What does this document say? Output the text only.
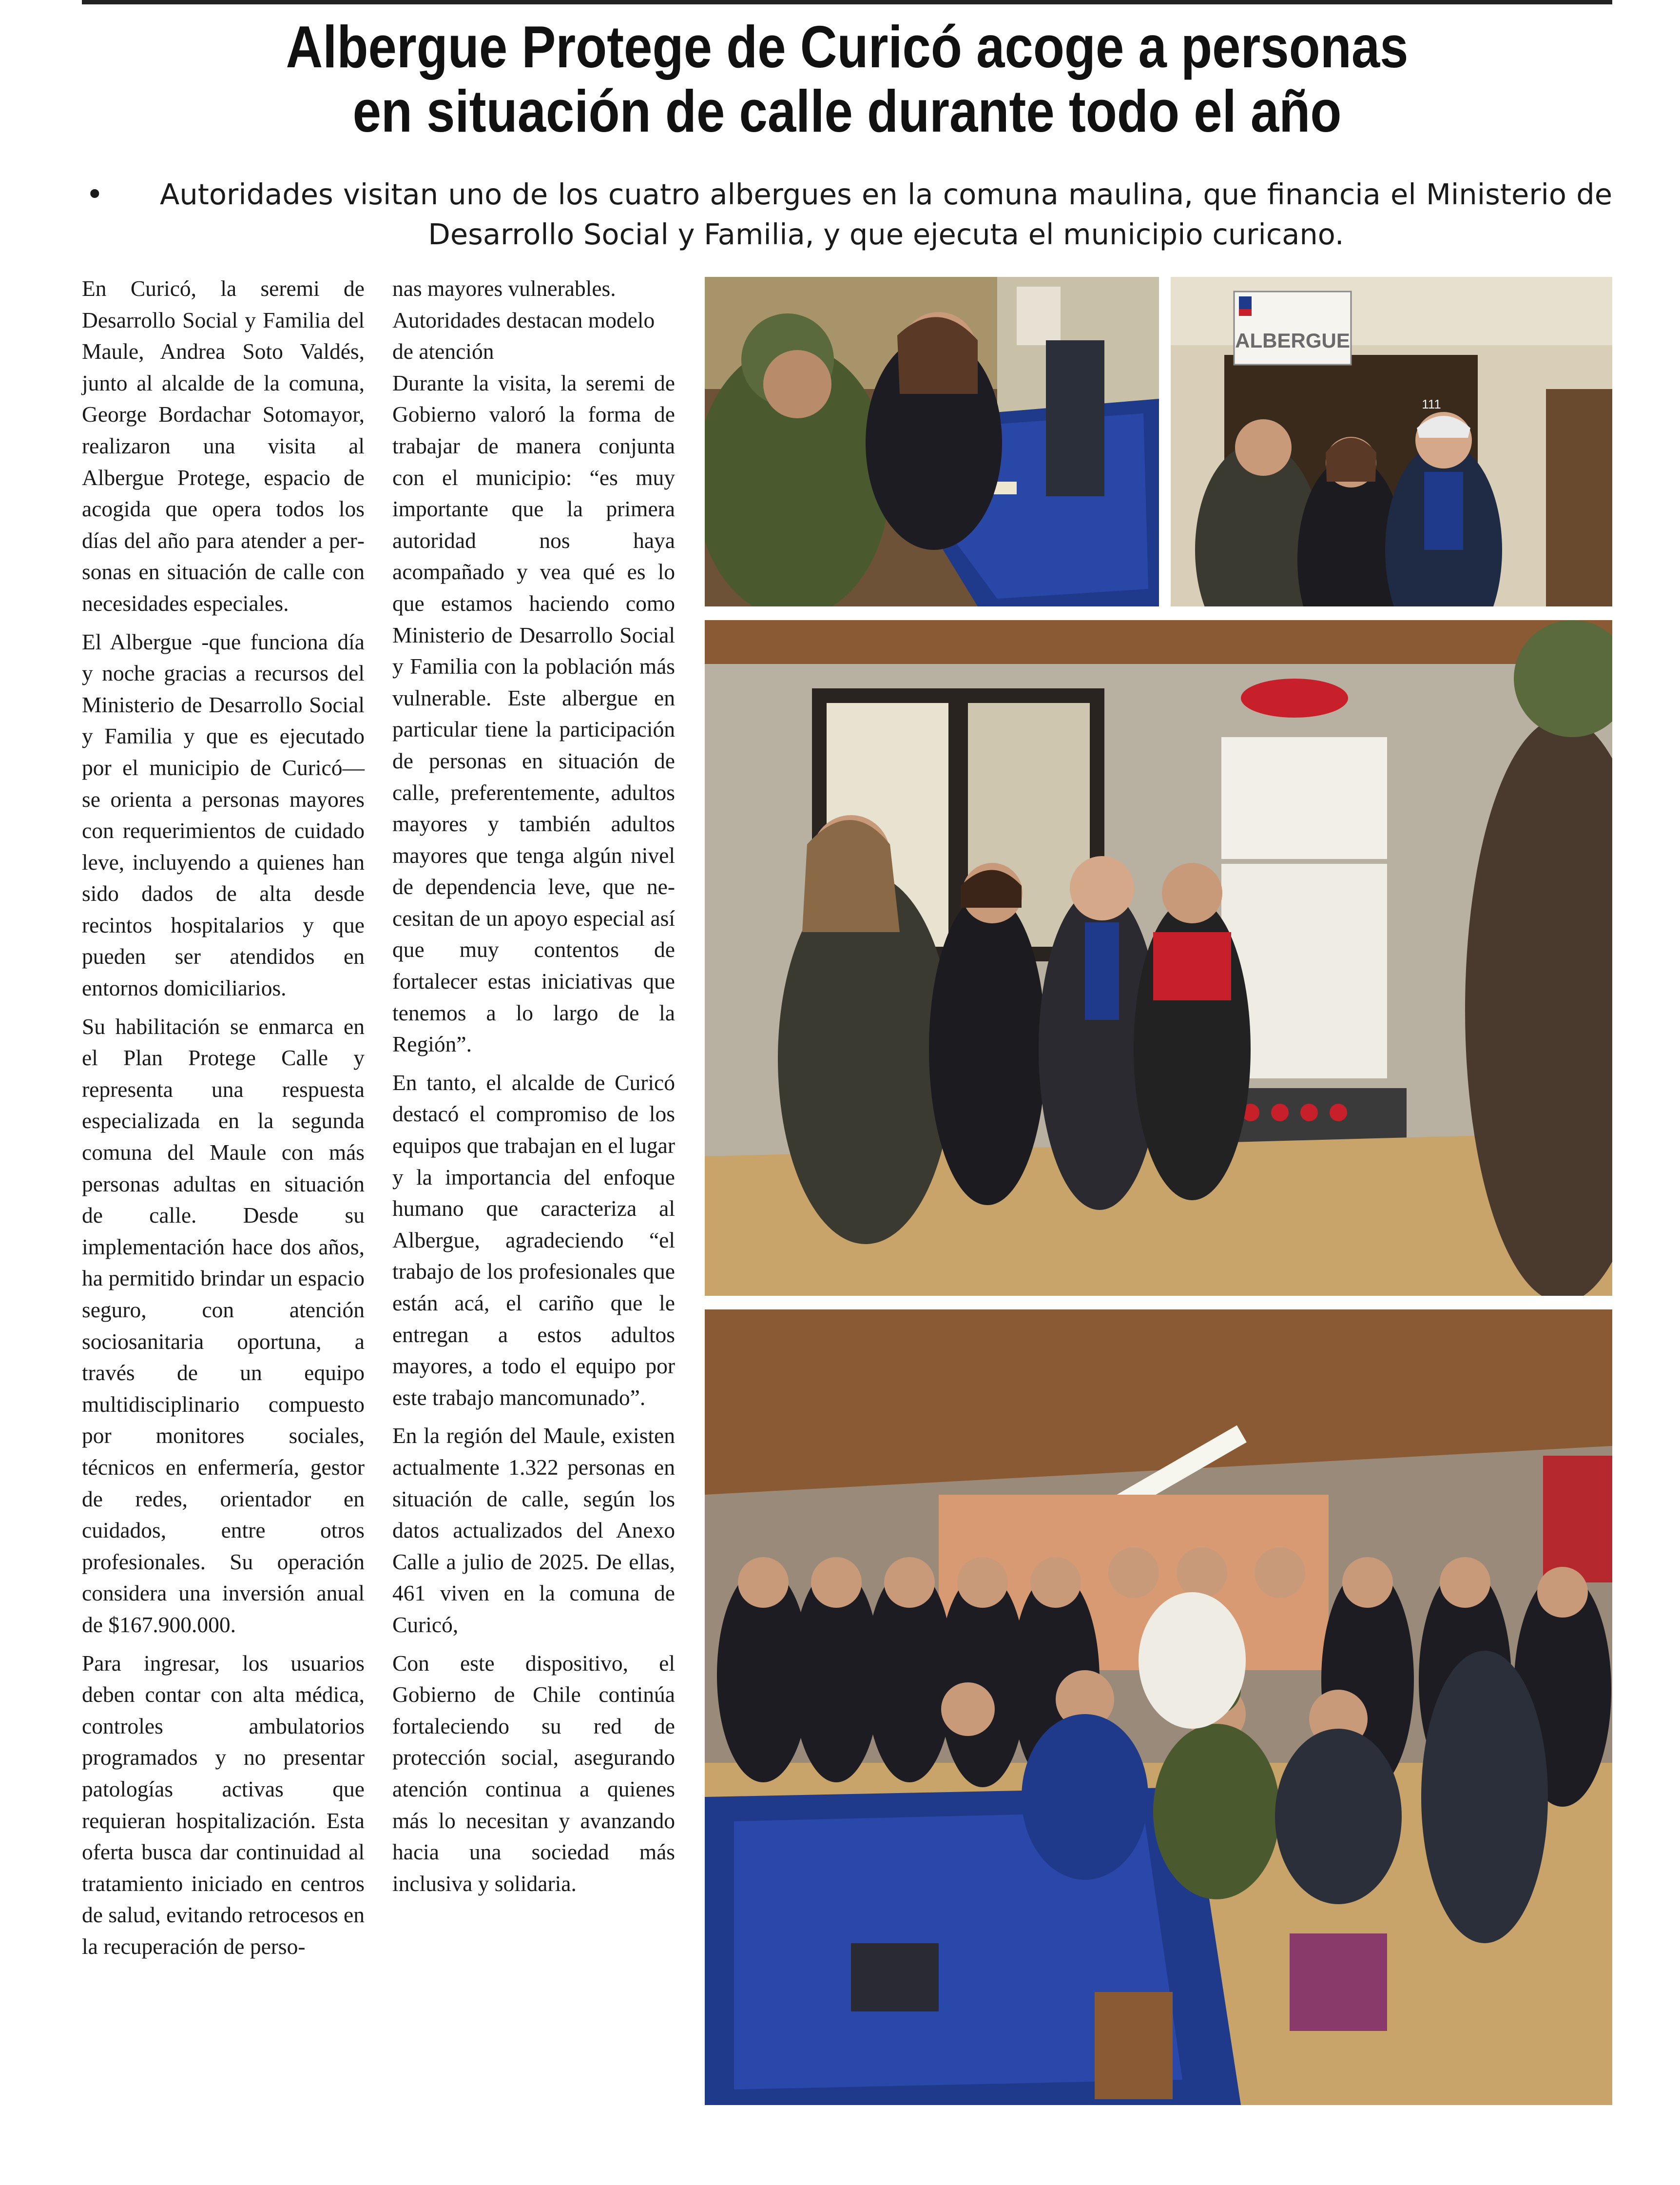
Albergue Protege de Curicó acoge a personas
en situación de calle durante todo el año
• Autoridades visitan uno de los cuatro albergues en la comuna maulina, que financia el Ministerio de Desarrollo Social y Familia, y que ejecuta el municipio curicano.

En Curicó, la seremi de Desarrollo Social y Familia del Maule, Andrea Soto Valdés, junto al alcalde de la comuna, George Bordachar Sotomayor, realizaron una visita al Albergue Protege, espacio de acogida que opera todos los días del año para atender a personas en situación de calle con necesidades especiales.

El Albergue -que funciona día y noche gracias a recursos del Ministerio de Desarrollo Social y Familia y que es ejecutado por el municipio de Curicó— se orienta a personas mayores con requerimientos de cuidado leve, incluyendo a quienes han sido dados de alta desde recintos hospitalarios y que pueden ser atendidos en entornos domiciliarios.

Su habilitación se enmarca en el Plan Protege Calle y representa una respuesta especializada en la segunda comuna del Maule con más personas adultas en situación de calle. Desde su implementación hace dos años, ha permitido brindar un espacio seguro, con atención sociosanitaria oportuna, a través de un equipo multidisciplinario compuesto por monitores sociales, técnicos en enfermería, gestor de redes, orientador en cuidados, entre otros profesionales. Su operación considera una inversión anual de $167.900.000.

Para ingresar, los usuarios deben contar con alta médica, controles ambulatorios programados y no presentar patologías activas que requieran hospitalización. Esta oferta busca dar continuidad al tratamiento iniciado en centros de salud, evitando retrocesos en la recuperación de perso-

nas mayores vulnerables.

Autoridades destacan modelo de atención

Durante la visita, la seremi de Gobierno valoró la forma de trabajar de manera conjunta con el municipio: “es muy importante que la primera autoridad nos haya acompañado y vea qué es lo que estamos haciendo como Ministerio de Desarrollo Social y Familia con la población más vulnerable. Este albergue en particular tiene la participación de personas en situación de calle, preferentemente, adultos mayores y también adultos mayores que tenga algún nivel de dependencia leve, que necesitan de un apoyo especial así que muy contentos de fortalecer estas iniciativas que tenemos a lo largo de la Región”.

En tanto, el alcalde de Curicó destacó el compromiso de los equipos que trabajan en el lugar y la importancia del enfoque humano que caracteriza al Albergue, agradeciendo “el trabajo de los profesionales que están acá, el cariño que le entregan a estos adultos mayores, a todo el equipo por este trabajo mancomunado”.

En la región del Maule, existen actualmente 1.322 personas en situación de calle, según los datos actualizados del Anexo Calle a julio de 2025. De ellas, 461 viven en la comuna de Curicó,

Con este dispositivo, el Gobierno de Chile continúa fortaleciendo su red de protección social, asegurando atención continua a quienes más lo necesitan y avanzando hacia una sociedad más inclusiva y solidaria.

ALBERGUE
111
